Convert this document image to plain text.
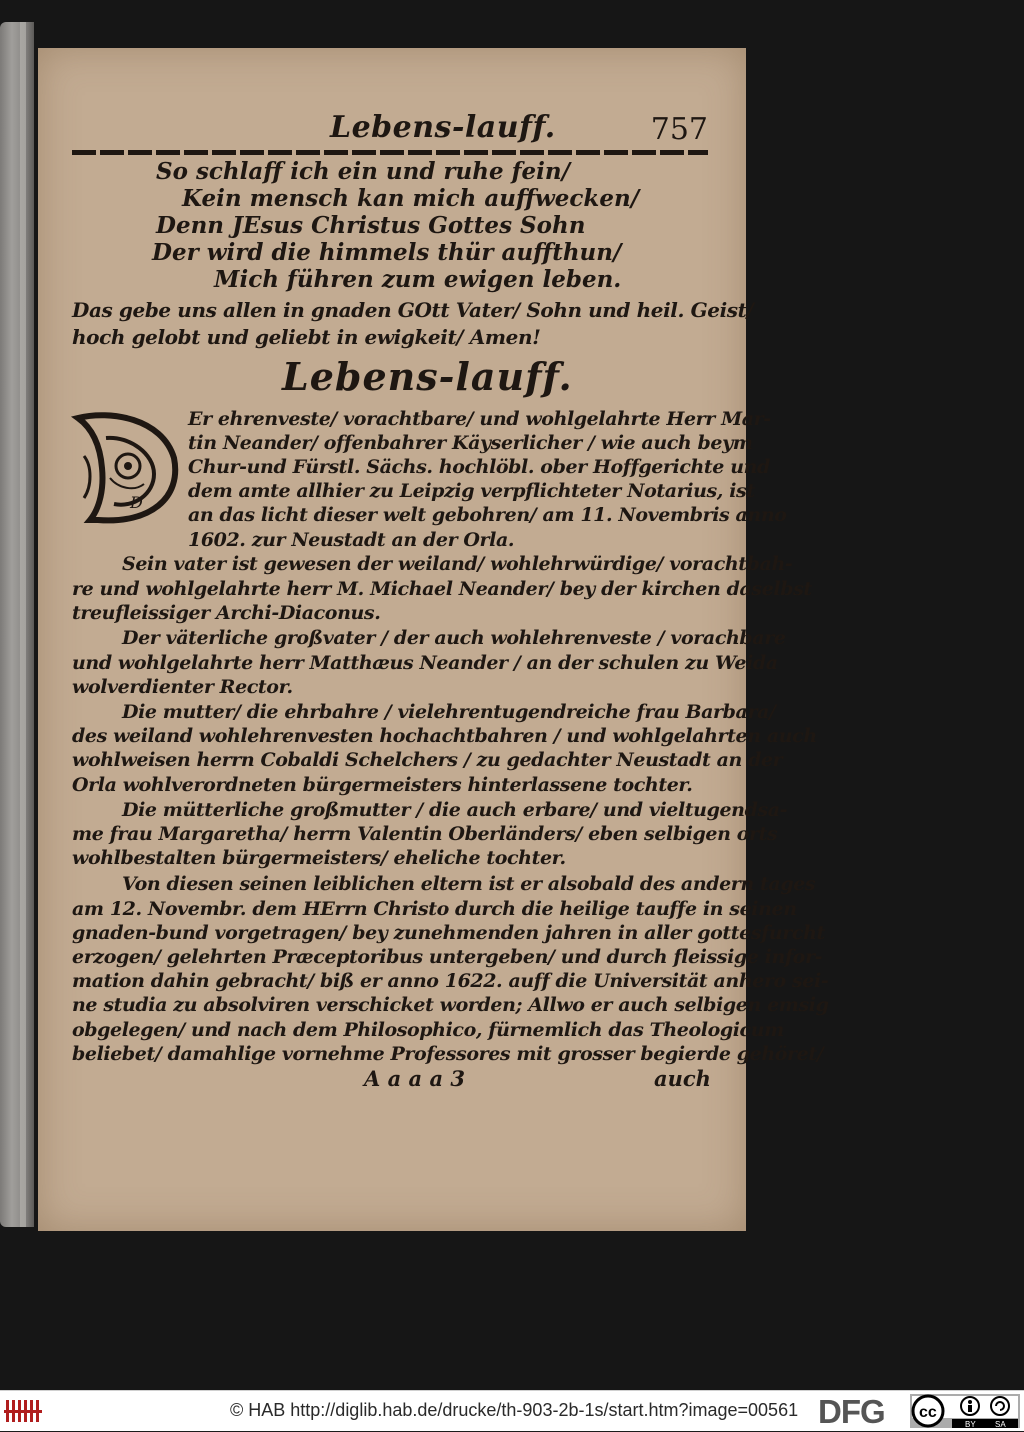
Lebens-lauff.	757
So schlaff ich ein und ruhe fein/
Kein mensch kan mich auffwecken/
Denn JEsus Christus Gottes Sohn
Der wird die himmels thür auffthun/
Mich führen zum ewigen leben.
Das gebe uns allen in gnaden GOtt Vater/ Sohn und heil. Geist/
hoch gelobt und geliebt in ewigkeit/ Amen!
Lebens-lauff.
D
Er ehrenveste/ vorachtbare/ und wohlgelahrte Herr Mar-
tin Neander/ offenbahrer Käyserlicher / wie auch beym
Chur-und Fürstl. Sächs. hochlöbl. ober Hoffgerichte und
dem amte allhier zu Leipzig verpflichteter Notarius, ist
an das licht dieser welt gebohren/ am 11. Novembris anno
1602. zur Neustadt an der Orla.
Sein vater ist gewesen der weiland/ wohlehrwürdige/ vorachtbah-
re und wohlgelahrte herr M. Michael Neander/ bey der kirchen daselbst
treufleissiger Archi-Diaconus.
Der väterliche großvater / der auch wohlehrenveste / vorachbare
und wohlgelahrte herr Matthæus Neander / an der schulen zu Weida
wolverdienter Rector.
Die mutter/ die ehrbahre / vielehrentugendreiche frau Barbara/
des weiland wohlehrenvesten hochachtbahren / und wohlgelahrten auch
wohlweisen herrn Cobaldi Schelchers / zu gedachter Neustadt an der
Orla wohlverordneten bürgermeisters hinterlassene tochter.
Die mütterliche großmutter / die auch erbare/ und vieltugendsa-
me frau Margaretha/ herrn Valentin Oberländers/ eben selbigen orts
wohlbestalten bürgermeisters/ eheliche tochter.
Von diesen seinen leiblichen eltern ist er alsobald des andern tages
am 12. Novembr. dem HErrn Christo durch die heilige tauffe in seinen
gnaden-bund vorgetragen/ bey zunehmenden jahren in aller gottesfurcht
erzogen/ gelehrten Præceptoribus untergeben/ und durch fleissige infor-
mation dahin gebracht/ biß er anno 1622. auff die Universität anhero sei-
ne studia zu absolviren verschicket worden; Allwo er auch selbigen emsig
obgelegen/ und nach dem Philosophico, fürnemlich das Theologicum
beliebet/ damahlige vornehme Professores mit grosser begierde gehöret/
A a a a 3	auch
© HAB http://diglib.hab.de/drucke/th-903-2b-1s/start.htm?image=00561 DFG cc
BY SA
